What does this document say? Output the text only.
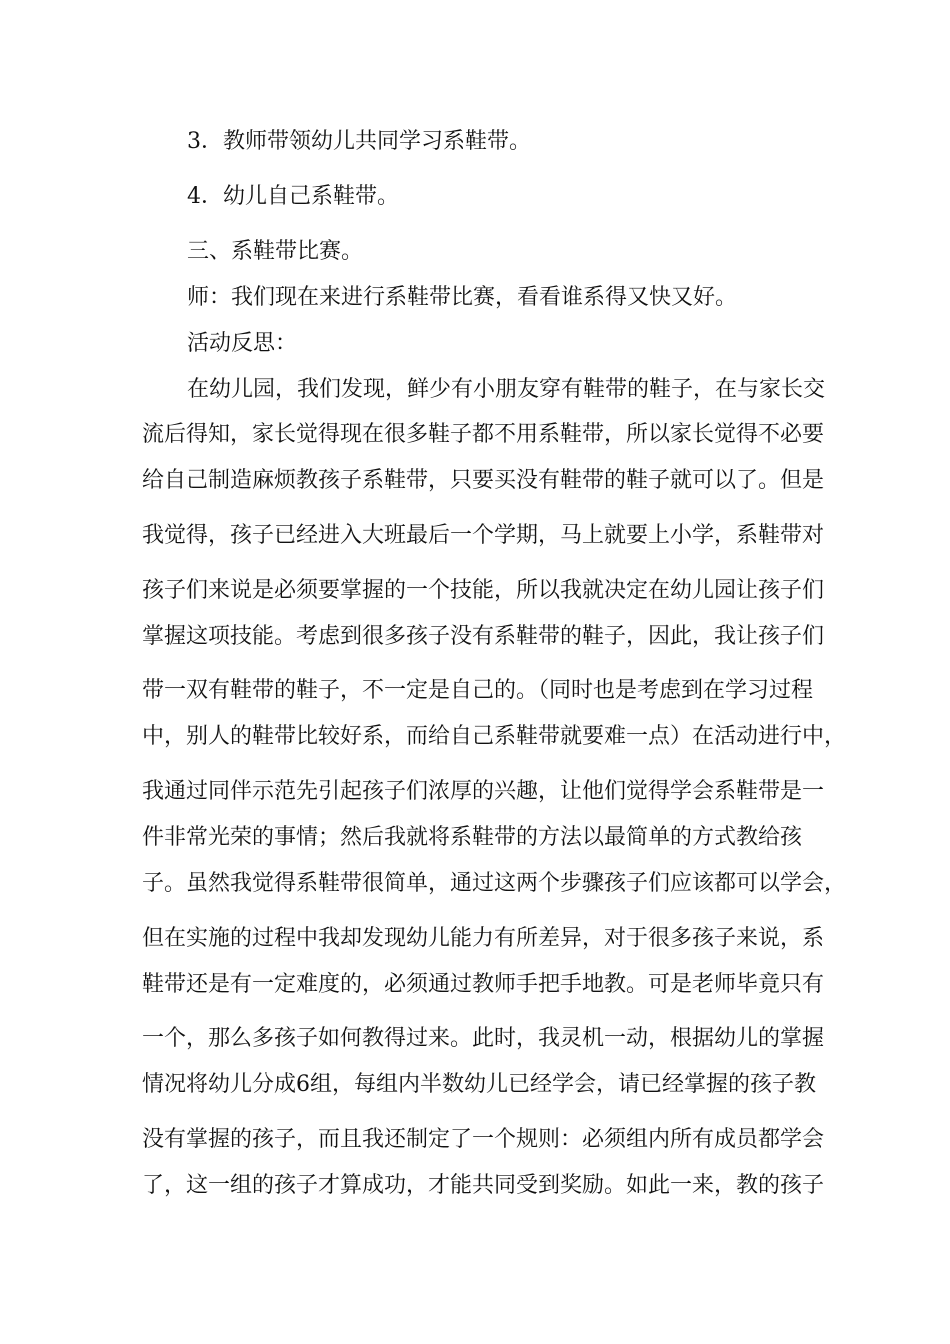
3．教师带领幼儿共同学习系鞋带。
4．幼儿自己系鞋带。
三、系鞋带比赛。
师：我们现在来进行系鞋带比赛，看看谁系得又快又好。
活动反思：
在幼儿园，我们发现，鲜少有小朋友穿有鞋带的鞋子，在与家长交
流后得知，家长觉得现在很多鞋子都不用系鞋带，所以家长觉得不必要
给自己制造麻烦教孩子系鞋带，只要买没有鞋带的鞋子就可以了。但是
我觉得，孩子已经进入大班最后一个学期，马上就要上小学，系鞋带对
孩子们来说是必须要掌握的一个技能，所以我就决定在幼儿园让孩子们
掌握这项技能。考虑到很多孩子没有系鞋带的鞋子，因此，我让孩子们
带一双有鞋带的鞋子，不一定是自己的。（同时也是考虑到在学习过程
中，别人的鞋带比较好系，而给自己系鞋带就要难一点）在活动进行中，
我通过同伴示范先引起孩子们浓厚的兴趣，让他们觉得学会系鞋带是一
件非常光荣的事情；然后我就将系鞋带的方法以最简单的方式教给孩
子。虽然我觉得系鞋带很简单，通过这两个步骤孩子们应该都可以学会，
但在实施的过程中我却发现幼儿能力有所差异，对于很多孩子来说，系
鞋带还是有一定难度的，必须通过教师手把手地教。可是老师毕竟只有
一个，那么多孩子如何教得过来。此时，我灵机一动，根据幼儿的掌握
情况将幼儿分成6组，每组内半数幼儿已经学会，请已经掌握的孩子教
没有掌握的孩子，而且我还制定了一个规则：必须组内所有成员都学会
了，这一组的孩子才算成功，才能共同受到奖励。如此一来，教的孩子
